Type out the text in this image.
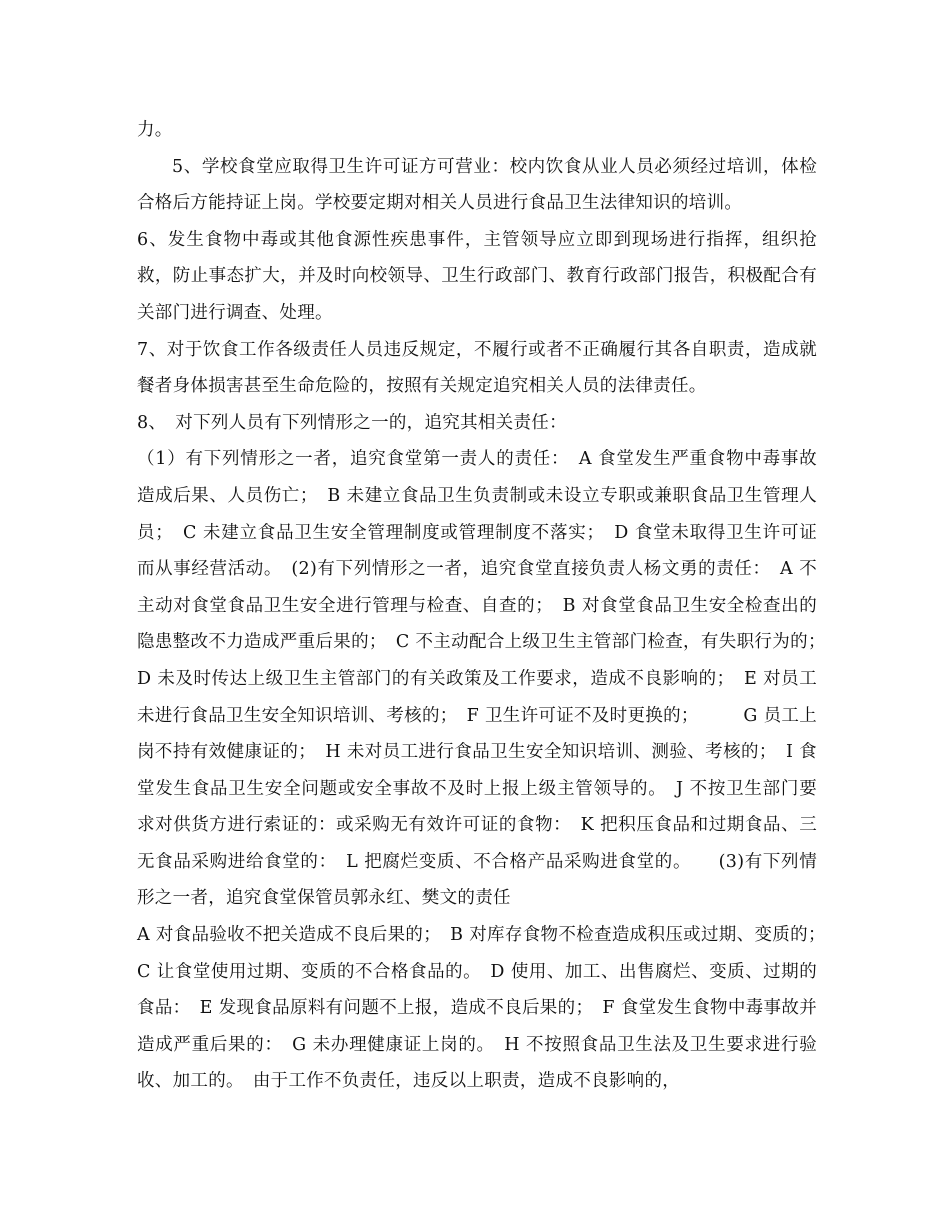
力。

5、学校食堂应取得卫生许可证方可营业：校内饮食从业人员必须经过培训，体检合格后方能持证上岗。学校要定期对相关人员进行食品卫生法律知识的培训。

6、发生食物中毒或其他食源性疾患事件，主管领导应立即到现场进行指挥，组织抢救，防止事态扩大，并及时向校领导、卫生行政部门、教育行政部门报告，积极配合有关部门进行调查、处理。

7、对于饮食工作各级责任人员违反规定，不履行或者不正确履行其各自职责，造成就餐者身体损害甚至生命危险的，按照有关规定追究相关人员的法律责任。

8、　对下列人员有下列情形之一的，追究其相关责任：

（1）有下列情形之一者，追究食堂第一责人的责任：　A 食堂发生严重食物中毒事故造成后果、人员伤亡；　B 未建立食品卫生负责制或未设立专职或兼职食品卫生管理人员；　C 未建立食品卫生安全管理制度或管理制度不落实；　D 食堂未取得卫生许可证而从事经营活动。　(2)有下列情形之一者，追究食堂直接负责人杨文勇的责任：　A 不主动对食堂食品卫生安全进行管理与检查、自查的；　B 对食堂食品卫生安全检查出的隐患整改不力造成严重后果的；　C 不主动配合上级卫生主管部门检查，有失职行为的；　D 未及时传达上级卫生主管部门的有关政策及工作要求，造成不良影响的；　E 对员工未进行食品卫生安全知识培训、考核的；　F 卫生许可证不及时更换的；　　　G 员工上岗不持有效健康证的；　H 未对员工进行食品卫生安全知识培训、测验、考核的；　I 食堂发生食品卫生安全问题或安全事故不及时上报上级主管领导的。　J 不按卫生部门要求对供货方进行索证的：或采购无有效许可证的食物：　K 把积压食品和过期食品、三无食品采购进给食堂的：　L 把腐烂变质、不合格产品采购进食堂的。　　(3)有下列情形之一者，追究食堂保管员郭永红、樊文的责任

A 对食品验收不把关造成不良后果的；　B 对库存食物不检查造成积压或过期、变质的；　C 让食堂使用过期、变质的不合格食品的。　D 使用、加工、出售腐烂、变质、过期的食品：　E 发现食品原料有问题不上报，造成不良后果的；　F 食堂发生食物中毒事故并造成严重后果的：　G 未办理健康证上岗的。　H 不按照食品卫生法及卫生要求进行验收、加工的。　由于工作不负责任，违反以上职责，造成不良影响的，
